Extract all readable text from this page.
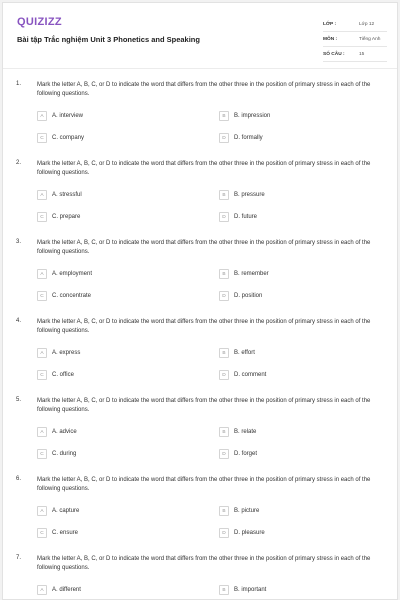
QUIZIZZ
Bài tập Trắc nghiệm Unit 3 Phonetics and Speaking
LỚP :	Lớp 12
MÔN :	Tiếng Anh
SỐ CÂU :	15
1.	Mark the letter A, B, C, or D to indicate the word that differs from the other three in the position of primary stress in each of the following questions.
A	A. interview	B	B. impression
C	C. company	D	D. formally
2.	Mark the letter A, B, C, or D to indicate the word that differs from the other three in the position of primary stress in each of the following questions.
A	A. stressful	B	B. pressure
C	C. prepare	D	D. future
3.	Mark the letter A, B, C, or D to indicate the word that differs from the other three in the position of primary stress in each of the following questions.
A	A. employment	B	B. remember
C	C. concentrate	D	D. position
4.	Mark the letter A, B, C, or D to indicate the word that differs from the other three in the position of primary stress in each of the following questions.
A	A. express	B	B. effort
C	C. office	D	D. comment
5.	Mark the letter A, B, C, or D to indicate the word that differs from the other three in the position of primary stress in each of the following questions.
A	A. advice	B	B. relate
C	C. during	D	D. forget
6.	Mark the letter A, B, C, or D to indicate the word that differs from the other three in the position of primary stress in each of the following questions.
A	A. capture	B	B. picture
C	C. ensure	D	D. pleasure
7.	Mark the letter A, B, C, or D to indicate the word that differs from the other three in the position of primary stress in each of the following questions.
A	A. different	B	B. important
